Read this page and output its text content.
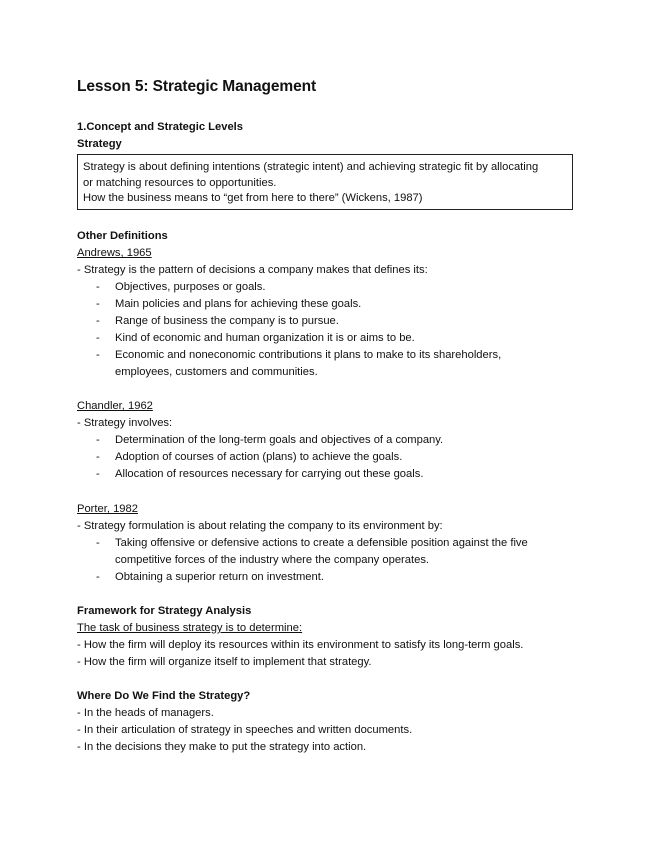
Lesson 5: Strategic Management
1.Concept and Strategic Levels
Strategy
Strategy is about defining intentions (strategic intent) and achieving strategic fit by allocating
or matching resources to opportunities.
How the business means to “get from here to there” (Wickens, 1987)
Other Definitions
Andrews, 1965
- Strategy is the pattern of decisions a company makes that defines its:
- Objectives, purposes or goals.
- Main policies and plans for achieving these goals.
- Range of business the company is to pursue.
- Kind of economic and human organization it is or aims to be.
- Economic and noneconomic contributions it plans to make to its shareholders,
employees, customers and communities.
Chandler, 1962
- Strategy involves:
- Determination of the long-term goals and objectives of a company.
- Adoption of courses of action (plans) to achieve the goals.
- Allocation of resources necessary for carrying out these goals.
Porter, 1982
- Strategy formulation is about relating the company to its environment by:
- Taking offensive or defensive actions to create a defensible position against the five
competitive forces of the industry where the company operates.
- Obtaining a superior return on investment.
Framework for Strategy Analysis
The task of business strategy is to determine:
- How the firm will deploy its resources within its environment to satisfy its long-term goals.
- How the firm will organize itself to implement that strategy.
Where Do We Find the Strategy?
- In the heads of managers.
- In their articulation of strategy in speeches and written documents.
- In the decisions they make to put the strategy into action.
